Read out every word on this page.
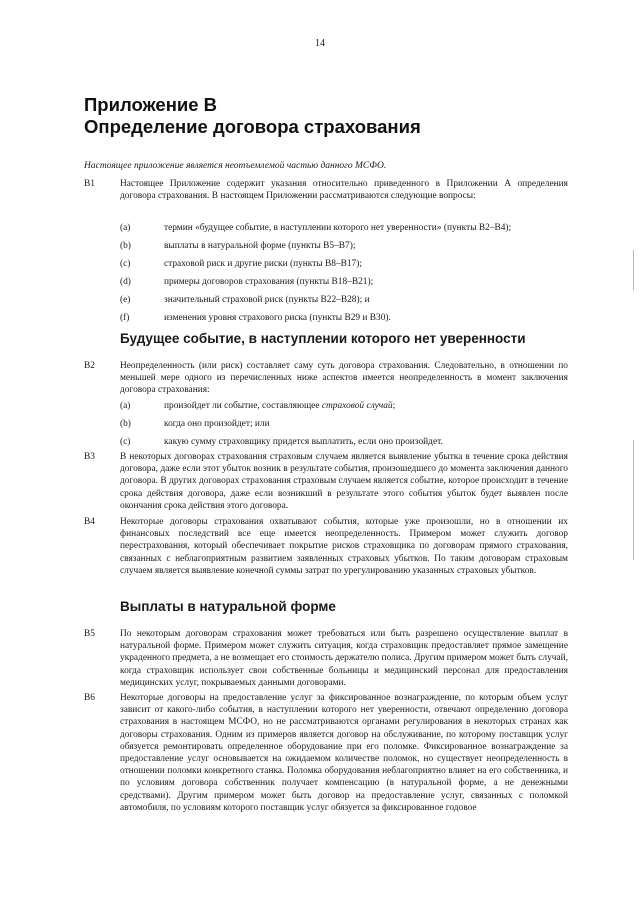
14
Приложение B
Определение договора страхования
Настоящее приложение является неотъемлемой частью данного МСФО.
B1	Настоящее Приложение содержит указания относительно приведенного в Приложении А определения договора страхования. В настоящем Приложении рассматриваются следующие вопросы:
(a)	термин «будущее событие, в наступлении которого нет уверенности» (пункты B2–B4);
(b)	выплаты в натуральной форме (пункты B5–B7);
(c)	страховой риск и другие риски (пункты B8–B17);
(d)	примеры договоров страхования (пункты B18–B21);
(e)	значительный страховой риск (пункты B22–B28); и
(f)	изменения уровня страхового риска (пункты B29 и B30).
Будущее событие, в наступлении которого нет уверенности
B2	Неопределенность (или риск) составляет саму суть договора страхования. Следовательно, в отношении по меньшей мере одного из перечисленных ниже аспектов имеется неопределенность в момент заключения договора страхования:
(a)	произойдет ли событие, составляющее страховой случай;
(b)	когда оно произойдет; или
(c)	какую сумму страховщику придется выплатить, если оно произойдет.
B3	В некоторых договорах страхования страховым случаем является выявление убытка в течение срока действия договора, даже если этот убыток возник в результате события, произошедшего до момента заключения данного договора. В других договорах страхования страховым случаем является событие, которое происходит в течение срока действия договора, даже если возникший в результате этого события убыток будет выявлен после окончания срока действия этого договора.
B4	Некоторые договоры страхования охватывают события, которые уже произошли, но в отношении их финансовых последствий все еще имеется неопределенность. Примером может служить договор перестрахования, который обеспечивает покрытие рисков страховщика по договорам прямого страхования, связанных с неблагоприятным развитием заявленных страховых убытков. По таким договорам страховым случаем является выявление конечной суммы затрат по урегулированию указанных страховых убытков.
Выплаты в натуральной форме
B5	По некоторым договорам страхования может требоваться или быть разрешено осуществление выплат в натуральной форме. Примером может служить ситуация, когда страховщик предоставляет прямое замещение украденного предмета, а не возмещает его стоимость держателю полиса. Другим примером может быть случай, когда страховщик использует свои собственные больницы и медицинский персонал для предоставления медицинских услуг, покрываемых данными договорами.
B6	Некоторые договоры на предоставление услуг за фиксированное вознаграждение, по которым объем услуг зависит от какого-либо события, в наступлении которого нет уверенности, отвечают определению договора страхования в настоящем МСФО, но не рассматриваются органами регулирования в некоторых странах как договоры страхования. Одним из примеров является договор на обслуживание, по которому поставщик услуг обязуется ремонтировать определенное оборудование при его поломке. Фиксированное вознаграждение за предоставление услуг основывается на ожидаемом количестве поломок, но существует неопределенность в отношении поломки конкретного станка. Поломка оборудования неблагоприятно влияет на его собственника, и по условиям договора собственник получает компенсацию (в натуральной форме, а не денежными средствами). Другим примером может быть договор на предоставление услуг, связанных с поломкой автомобиля, по условиям которого поставщик услуг обязуется за фиксированное годовое
